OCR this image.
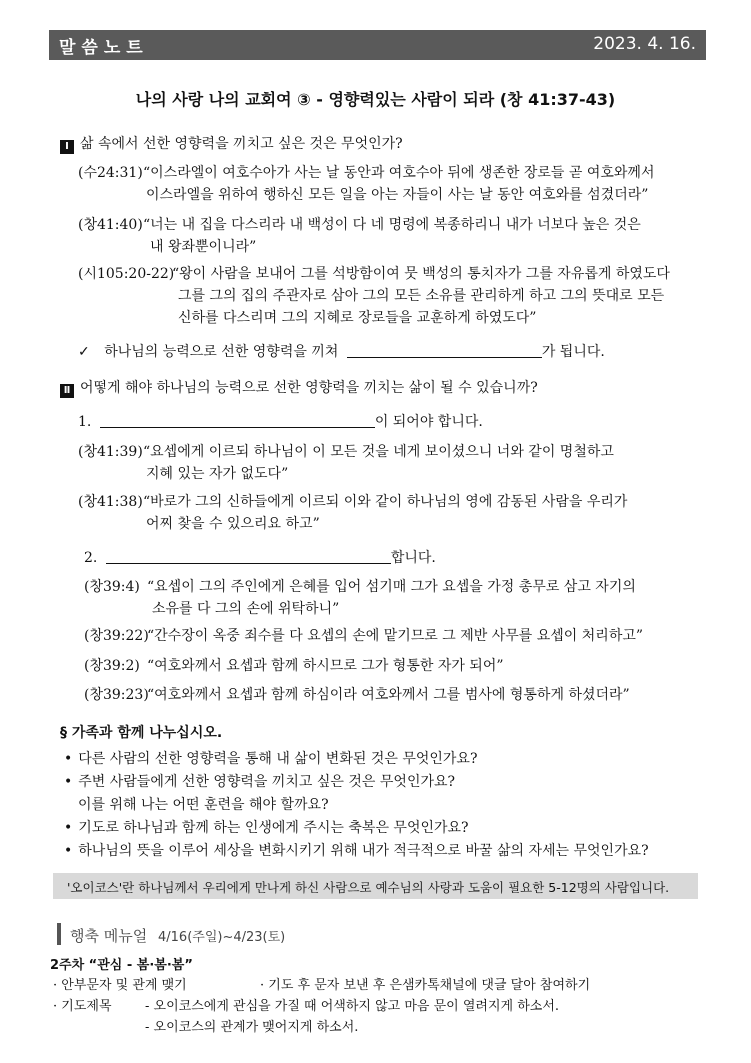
말씀노트	2023. 4. 16.
나의 사랑 나의 교회여 ③ - 영향력있는 사람이 되라 (창 41:37-43)
Ⅰ 삶 속에서 선한 영향력을 끼치고 싶은 것은 무엇인가?
(수24:31) “이스라엘이 여호수아가 사는 날 동안과 여호수아 뒤에 생존한 장로들 곧 여호와께서
이스라엘을 위하여 행하신 모든 일을 아는 자들이 사는 날 동안 여호와를 섬겼더라”
(창41:40) “너는 내 집을 다스리라 내 백성이 다 네 명령에 복종하리니 내가 너보다 높은 것은
내 왕좌뿐이니라”
(시105:20-22)
“왕이 사람을 보내어 그를 석방함이여 뭇 백성의 통치자가 그를 자유롭게 하였도다
그를 그의 집의 주관자로 삼아 그의 모든 소유를 관리하게 하고 그의 뜻대로 모든
신하를 다스리며 그의 지혜로 장로들을 교훈하게 하였도다”
✓ 하나님의 능력으로 선한 영향력을 끼쳐	가 됩니다.
Ⅱ 어떻게 해야 하나님의 능력으로 선한 영향력을 끼치는 삶이 될 수 있습니까?
1.	이 되어야 합니다.
(창41:39) “요셉에게 이르되 하나님이 이 모든 것을 네게 보이셨으니 너와 같이 명철하고
지혜 있는 자가 없도다”
(창41:38) “바로가 그의 신하들에게 이르되 이와 같이 하나님의 영에 감동된 사람을 우리가
어찌 찾을 수 있으리요 하고”
2.	합니다.
(창39:4) “요셉이 그의 주인에게 은혜를 입어 섬기매 그가 요셉을 가정 총무로 삼고 자기의
소유를 다 그의 손에 위탁하니”
(창39:22)
“간수장이 옥중 죄수를 다 요셉의 손에 맡기므로 그 제반 사무를 요셉이 처리하고”
(창39:2) “여호와께서 요셉과 함께 하시므로 그가 형통한 자가 되어”
(창39:23)
“여호와께서 요셉과 함께 하심이라 여호와께서 그를 범사에 형통하게 하셨더라”
§ 가족과 함께 나누십시오.
• 다른 사람의 선한 영향력을 통해 내 삶이 변화된 것은 무엇인가요?
• 주변 사람들에게 선한 영향력을 끼치고 싶은 것은 무엇인가요?
이를 위해 나는 어떤 훈련을 해야 할까요?
• 기도로 하나님과 함께 하는 인생에게 주시는 축복은 무엇인가요?
• 하나님의 뜻을 이루어 세상을 변화시키기 위해 내가 적극적으로 바꿀 삶의 자세는 무엇인가요?
'오이코스'란 하나님께서 우리에게 만나게 하신 사람으로 예수님의 사랑과 도움이 필요한 5-12명의 사람입니다.
행축 메뉴얼 4/16(주일)~4/23(토)
2주차 “관심 - 봄·봄·봄”
· 안부문자 및 관계 맺기	· 기도 후 문자 보낸 후 은샘카톡채널에 댓글 달아 참여하기
· 기도제목	- 오이코스에게 관심을 가질 때 어색하지 않고 마음 문이 열려지게 하소서.
- 오이코스의 관계가 맺어지게 하소서.
